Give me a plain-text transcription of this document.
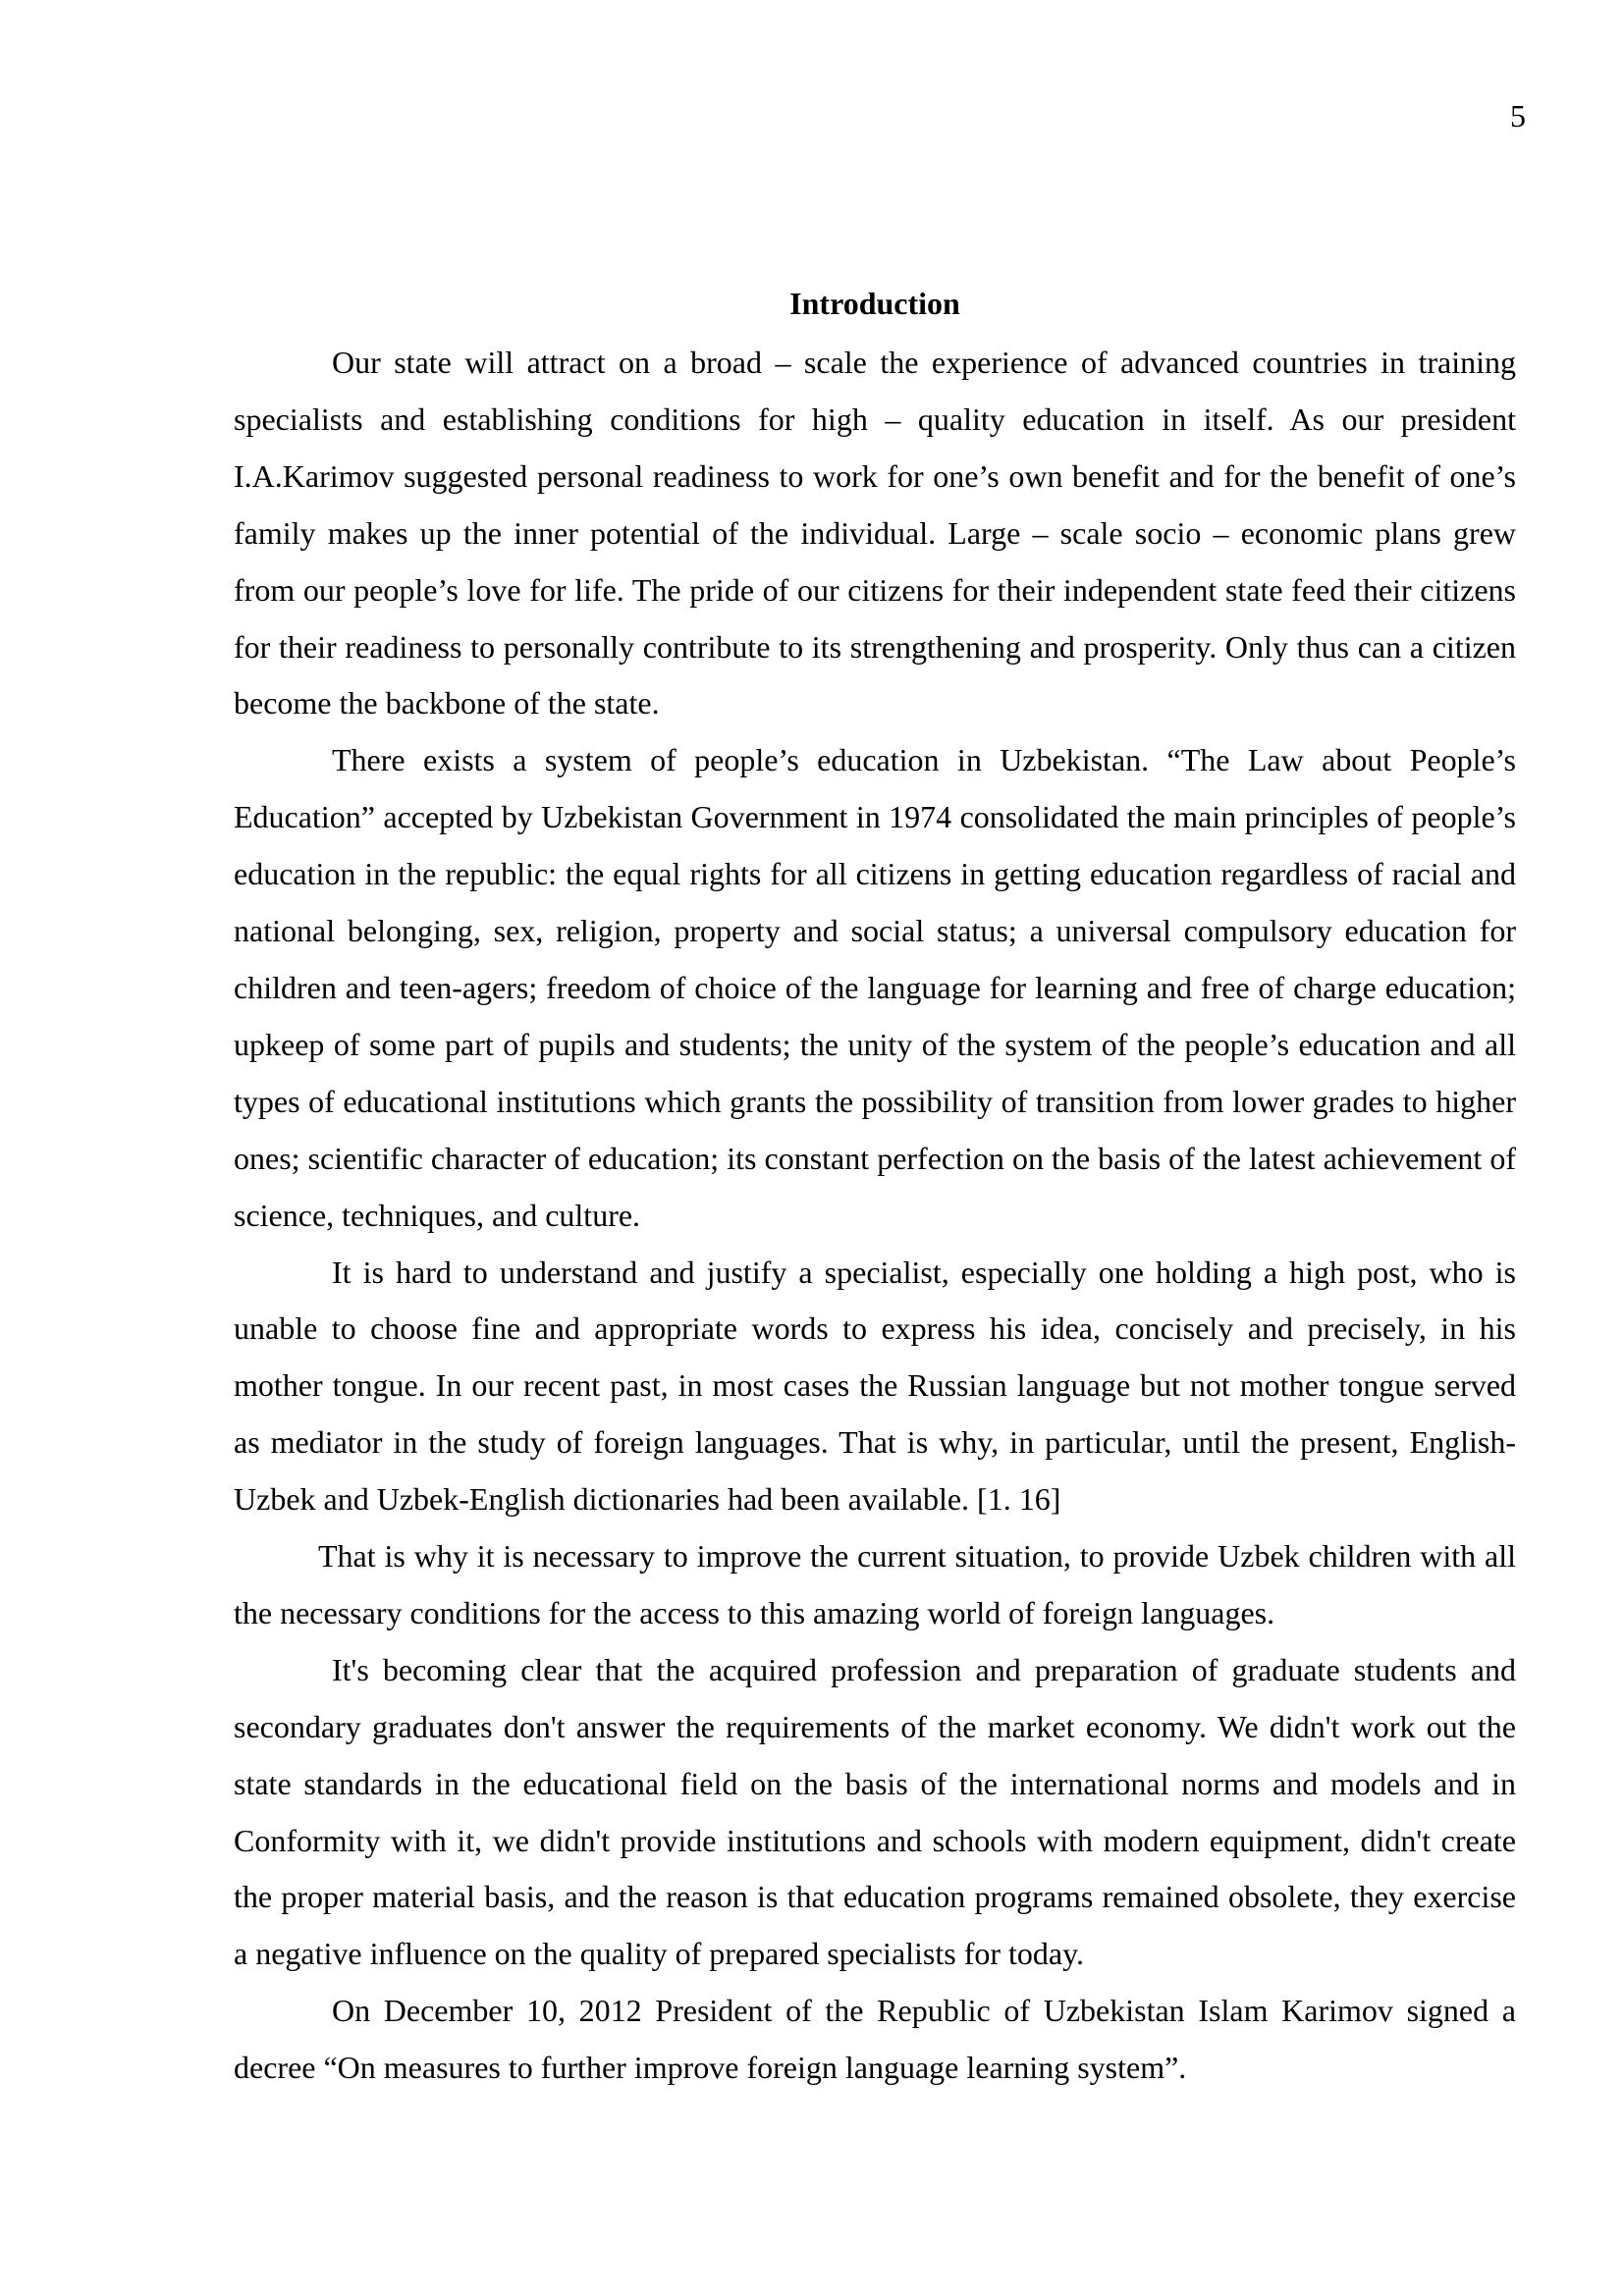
5
Introduction

Our state will attract on a broad – scale the experience of advanced countries in training specialists and establishing conditions for high – quality education in itself. As our president I.A.Karimov suggested personal readiness to work for one’s own benefit and for the benefit of one’s family makes up the inner potential of the individual. Large – scale socio – economic plans grew from our people’s love for life. The pride of our citizens for their independent state feed their citizens for their readiness to personally contribute to its strengthening and prosperity. Only thus can a citizen become the backbone of the state.

There exists a system of people’s education in Uzbekistan. “The Law about People’s Education” accepted by Uzbekistan Government in 1974 consolidated the main principles of people’s education in the republic: the equal rights for all citizens in getting education regardless of racial and national belonging, sex, religion, property and social status; a universal compulsory education for children and teen-agers; freedom of choice of the language for learning and free of charge education; upkeep of some part of pupils and students; the unity of the system of the people’s education and all types of educational institutions which grants the possibility of transition from lower grades to higher ones; scientific character of education; its constant perfection on the basis of the latest achievement of science, techniques, and culture.

It is hard to understand and justify a specialist, especially one holding a high post, who is unable to choose fine and appropriate words to express his idea, concisely and precisely, in his mother tongue. In our recent past, in most cases the Russian language but not mother tongue served as mediator in the study of foreign languages. That is why, in particular, until the present, English-Uzbek and Uzbek-English dictionaries had been available. [1. 16]

That is why it is necessary to improve the current situation, to provide Uzbek children with all the necessary conditions for the access to this amazing world of foreign languages.

It's becoming clear that the acquired profession and preparation of graduate students and secondary graduates don't answer the requirements of the market economy. We didn't work out the state standards in the educational field on the basis of the international norms and models and in Conformity with it, we didn't provide institutions and schools with modern equipment, didn't create the proper material basis, and the reason is that education programs remained obsolete, they exercise a negative influence on the quality of prepared specialists for today.

On December 10, 2012 President of the Republic of Uzbekistan Islam Karimov signed a decree “On measures to further improve foreign language learning system”.
